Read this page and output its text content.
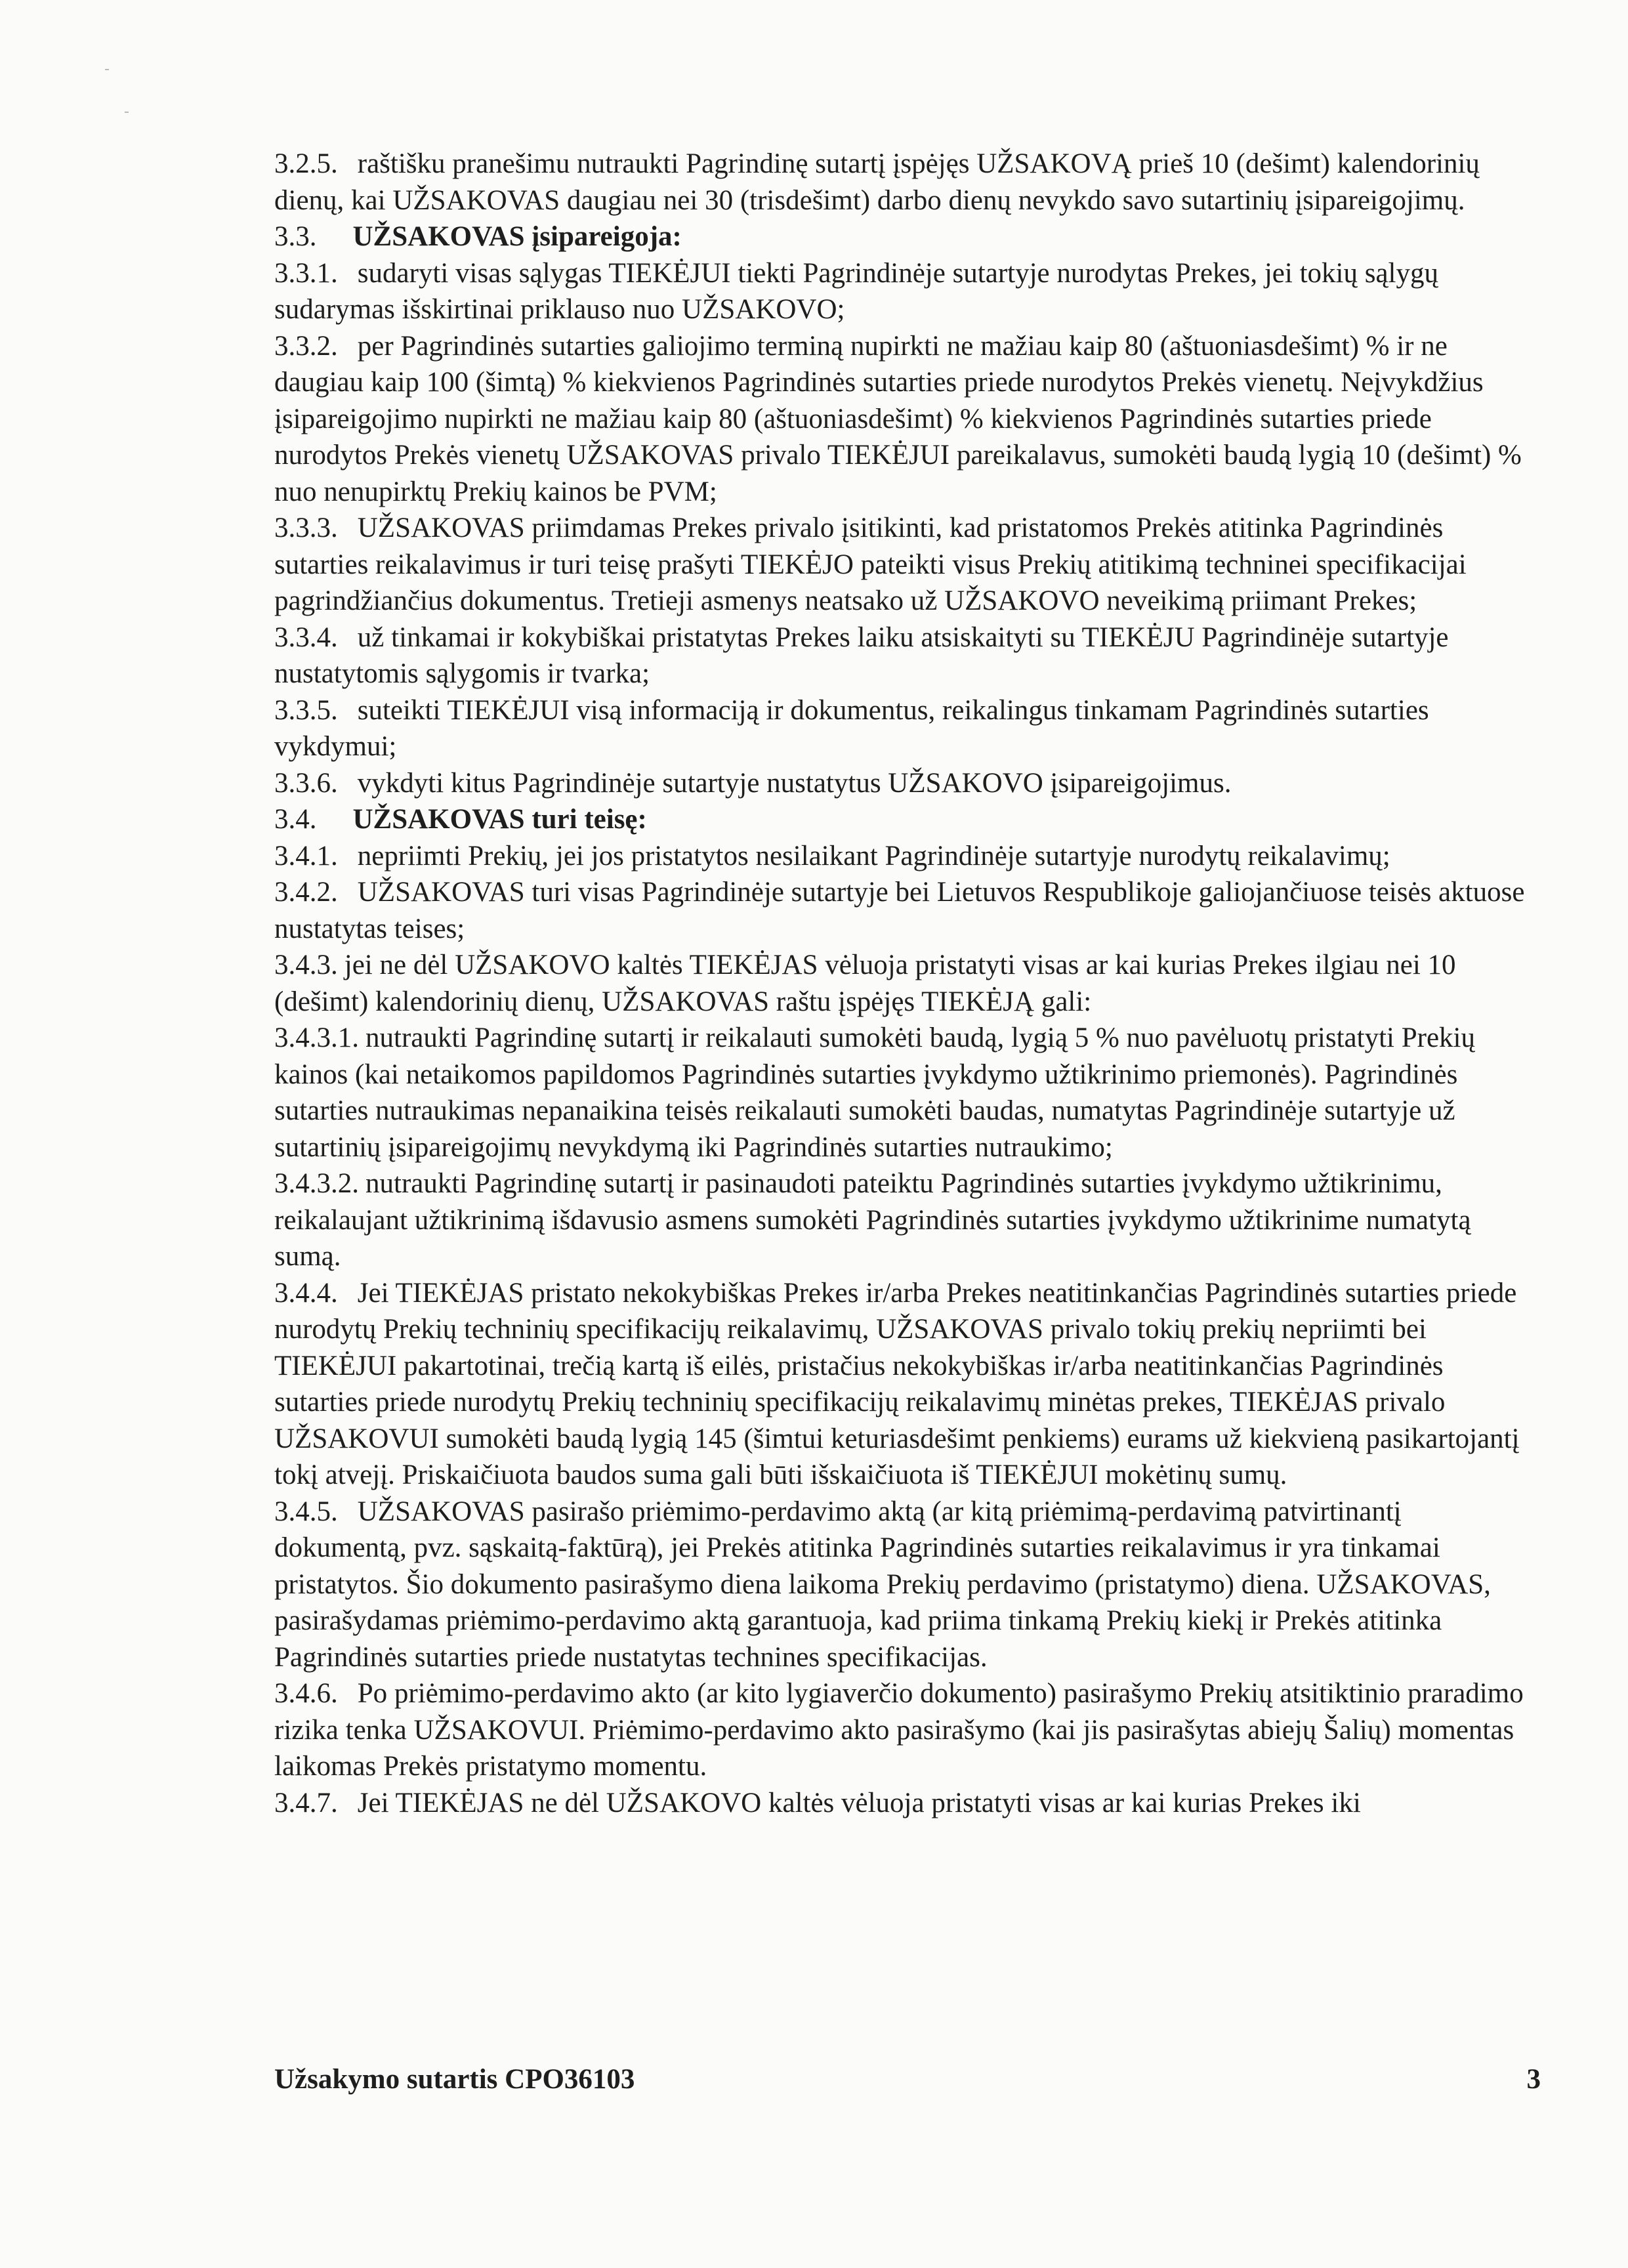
3.2.5. raštišku pranešimu nutraukti Pagrindinę sutartį įspėjęs UŽSAKOVĄ prieš 10 (dešimt) kalendorinių dienų, kai UŽSAKOVAS daugiau nei 30 (trisdešimt) darbo dienų nevykdo savo sutartinių įsipareigojimų.

3.3. UŽSAKOVAS įsipareigoja:

3.3.1. sudaryti visas sąlygas TIEKĖJUI tiekti Pagrindinėje sutartyje nurodytas Prekes, jei tokių sąlygų sudarymas išskirtinai priklauso nuo UŽSAKOVO;

3.3.2. per Pagrindinės sutarties galiojimo terminą nupirkti ne mažiau kaip 80 (aštuoniasdešimt) % ir ne daugiau kaip 100 (šimtą) % kiekvienos Pagrindinės sutarties priede nurodytos Prekės vienetų. Neįvykdžius įsipareigojimo nupirkti ne mažiau kaip 80 (aštuoniasdešimt) % kiekvienos Pagrindinės sutarties priede nurodytos Prekės vienetų UŽSAKOVAS privalo TIEKĖJUI pareikalavus, sumokėti baudą lygią 10 (dešimt) % nuo nenupirktų Prekių kainos be PVM;

3.3.3. UŽSAKOVAS priimdamas Prekes privalo įsitikinti, kad pristatomos Prekės atitinka Pagrindinės sutarties reikalavimus ir turi teisę prašyti TIEKĖJO pateikti visus Prekių atitikimą techninei specifikacijai pagrindžiančius dokumentus. Tretieji asmenys neatsako už UŽSAKOVO neveikimą priimant Prekes;

3.3.4. už tinkamai ir kokybiškai pristatytas Prekes laiku atsiskaityti su TIEKĖJU Pagrindinėje sutartyje nustatytomis sąlygomis ir tvarka;

3.3.5. suteikti TIEKĖJUI visą informaciją ir dokumentus, reikalingus tinkamam Pagrindinės sutarties vykdymui;

3.3.6. vykdyti kitus Pagrindinėje sutartyje nustatytus UŽSAKOVO įsipareigojimus.

3.4. UŽSAKOVAS turi teisę:

3.4.1. nepriimti Prekių, jei jos pristatytos nesilaikant Pagrindinėje sutartyje nurodytų reikalavimų;

3.4.2. UŽSAKOVAS turi visas Pagrindinėje sutartyje bei Lietuvos Respublikoje galiojančiuose teisės aktuose nustatytas teises;

3.4.3. jei ne dėl UŽSAKOVO kaltės TIEKĖJAS vėluoja pristatyti visas ar kai kurias Prekes ilgiau nei 10 (dešimt) kalendorinių dienų, UŽSAKOVAS raštu įspėjęs TIEKĖJĄ gali:

3.4.3.1. nutraukti Pagrindinę sutartį ir reikalauti sumokėti baudą, lygią 5 % nuo pavėluotų pristatyti Prekių kainos (kai netaikomos papildomos Pagrindinės sutarties įvykdymo užtikrinimo priemonės). Pagrindinės sutarties nutraukimas nepanaikina teisės reikalauti sumokėti baudas, numatytas Pagrindinėje sutartyje už sutartinių įsipareigojimų nevykdymą iki Pagrindinės sutarties nutraukimo;

3.4.3.2. nutraukti Pagrindinę sutartį ir pasinaudoti pateiktu Pagrindinės sutarties įvykdymo užtikrinimu, reikalaujant užtikrinimą išdavusio asmens sumokėti Pagrindinės sutarties įvykdymo užtikrinime numatytą sumą.

3.4.4. Jei TIEKĖJAS pristato nekokybiškas Prekes ir/arba Prekes neatitinkančias Pagrindinės sutarties priede nurodytų Prekių techninių specifikacijų reikalavimų, UŽSAKOVAS privalo tokių prekių nepriimti bei TIEKĖJUI pakartotinai, trečią kartą iš eilės, pristačius nekokybiškas ir/arba neatitinkančias Pagrindinės sutarties priede nurodytų Prekių techninių specifikacijų reikalavimų minėtas prekes, TIEKĖJAS privalo UŽSAKOVUI sumokėti baudą lygią 145 (šimtui keturiasdešimt penkiems) eurams už kiekvieną pasikartojantį tokį atvejį. Priskaičiuota baudos suma gali būti išskaičiuota iš TIEKĖJUI mokėtinų sumų.

3.4.5. UŽSAKOVAS pasirašo priėmimo-perdavimo aktą (ar kitą priėmimą-perdavimą patvirtinantį dokumentą, pvz. sąskaitą-faktūrą), jei Prekės atitinka Pagrindinės sutarties reikalavimus ir yra tinkamai pristatytos. Šio dokumento pasirašymo diena laikoma Prekių perdavimo (pristatymo) diena. UŽSAKOVAS, pasirašydamas priėmimo-perdavimo aktą garantuoja, kad priima tinkamą Prekių kiekį ir Prekės atitinka Pagrindinės sutarties priede nustatytas technines specifikacijas.

3.4.6. Po priėmimo-perdavimo akto (ar kito lygiaverčio dokumento) pasirašymo Prekių atsitiktinio praradimo rizika tenka UŽSAKOVUI. Priėmimo-perdavimo akto pasirašymo (kai jis pasirašytas abiejų Šalių) momentas laikomas Prekės pristatymo momentu.

3.4.7. Jei TIEKĖJAS ne dėl UŽSAKOVO kaltės vėluoja pristatyti visas ar kai kurias Prekes iki

Užsakymo sutartis CPO36103	3
